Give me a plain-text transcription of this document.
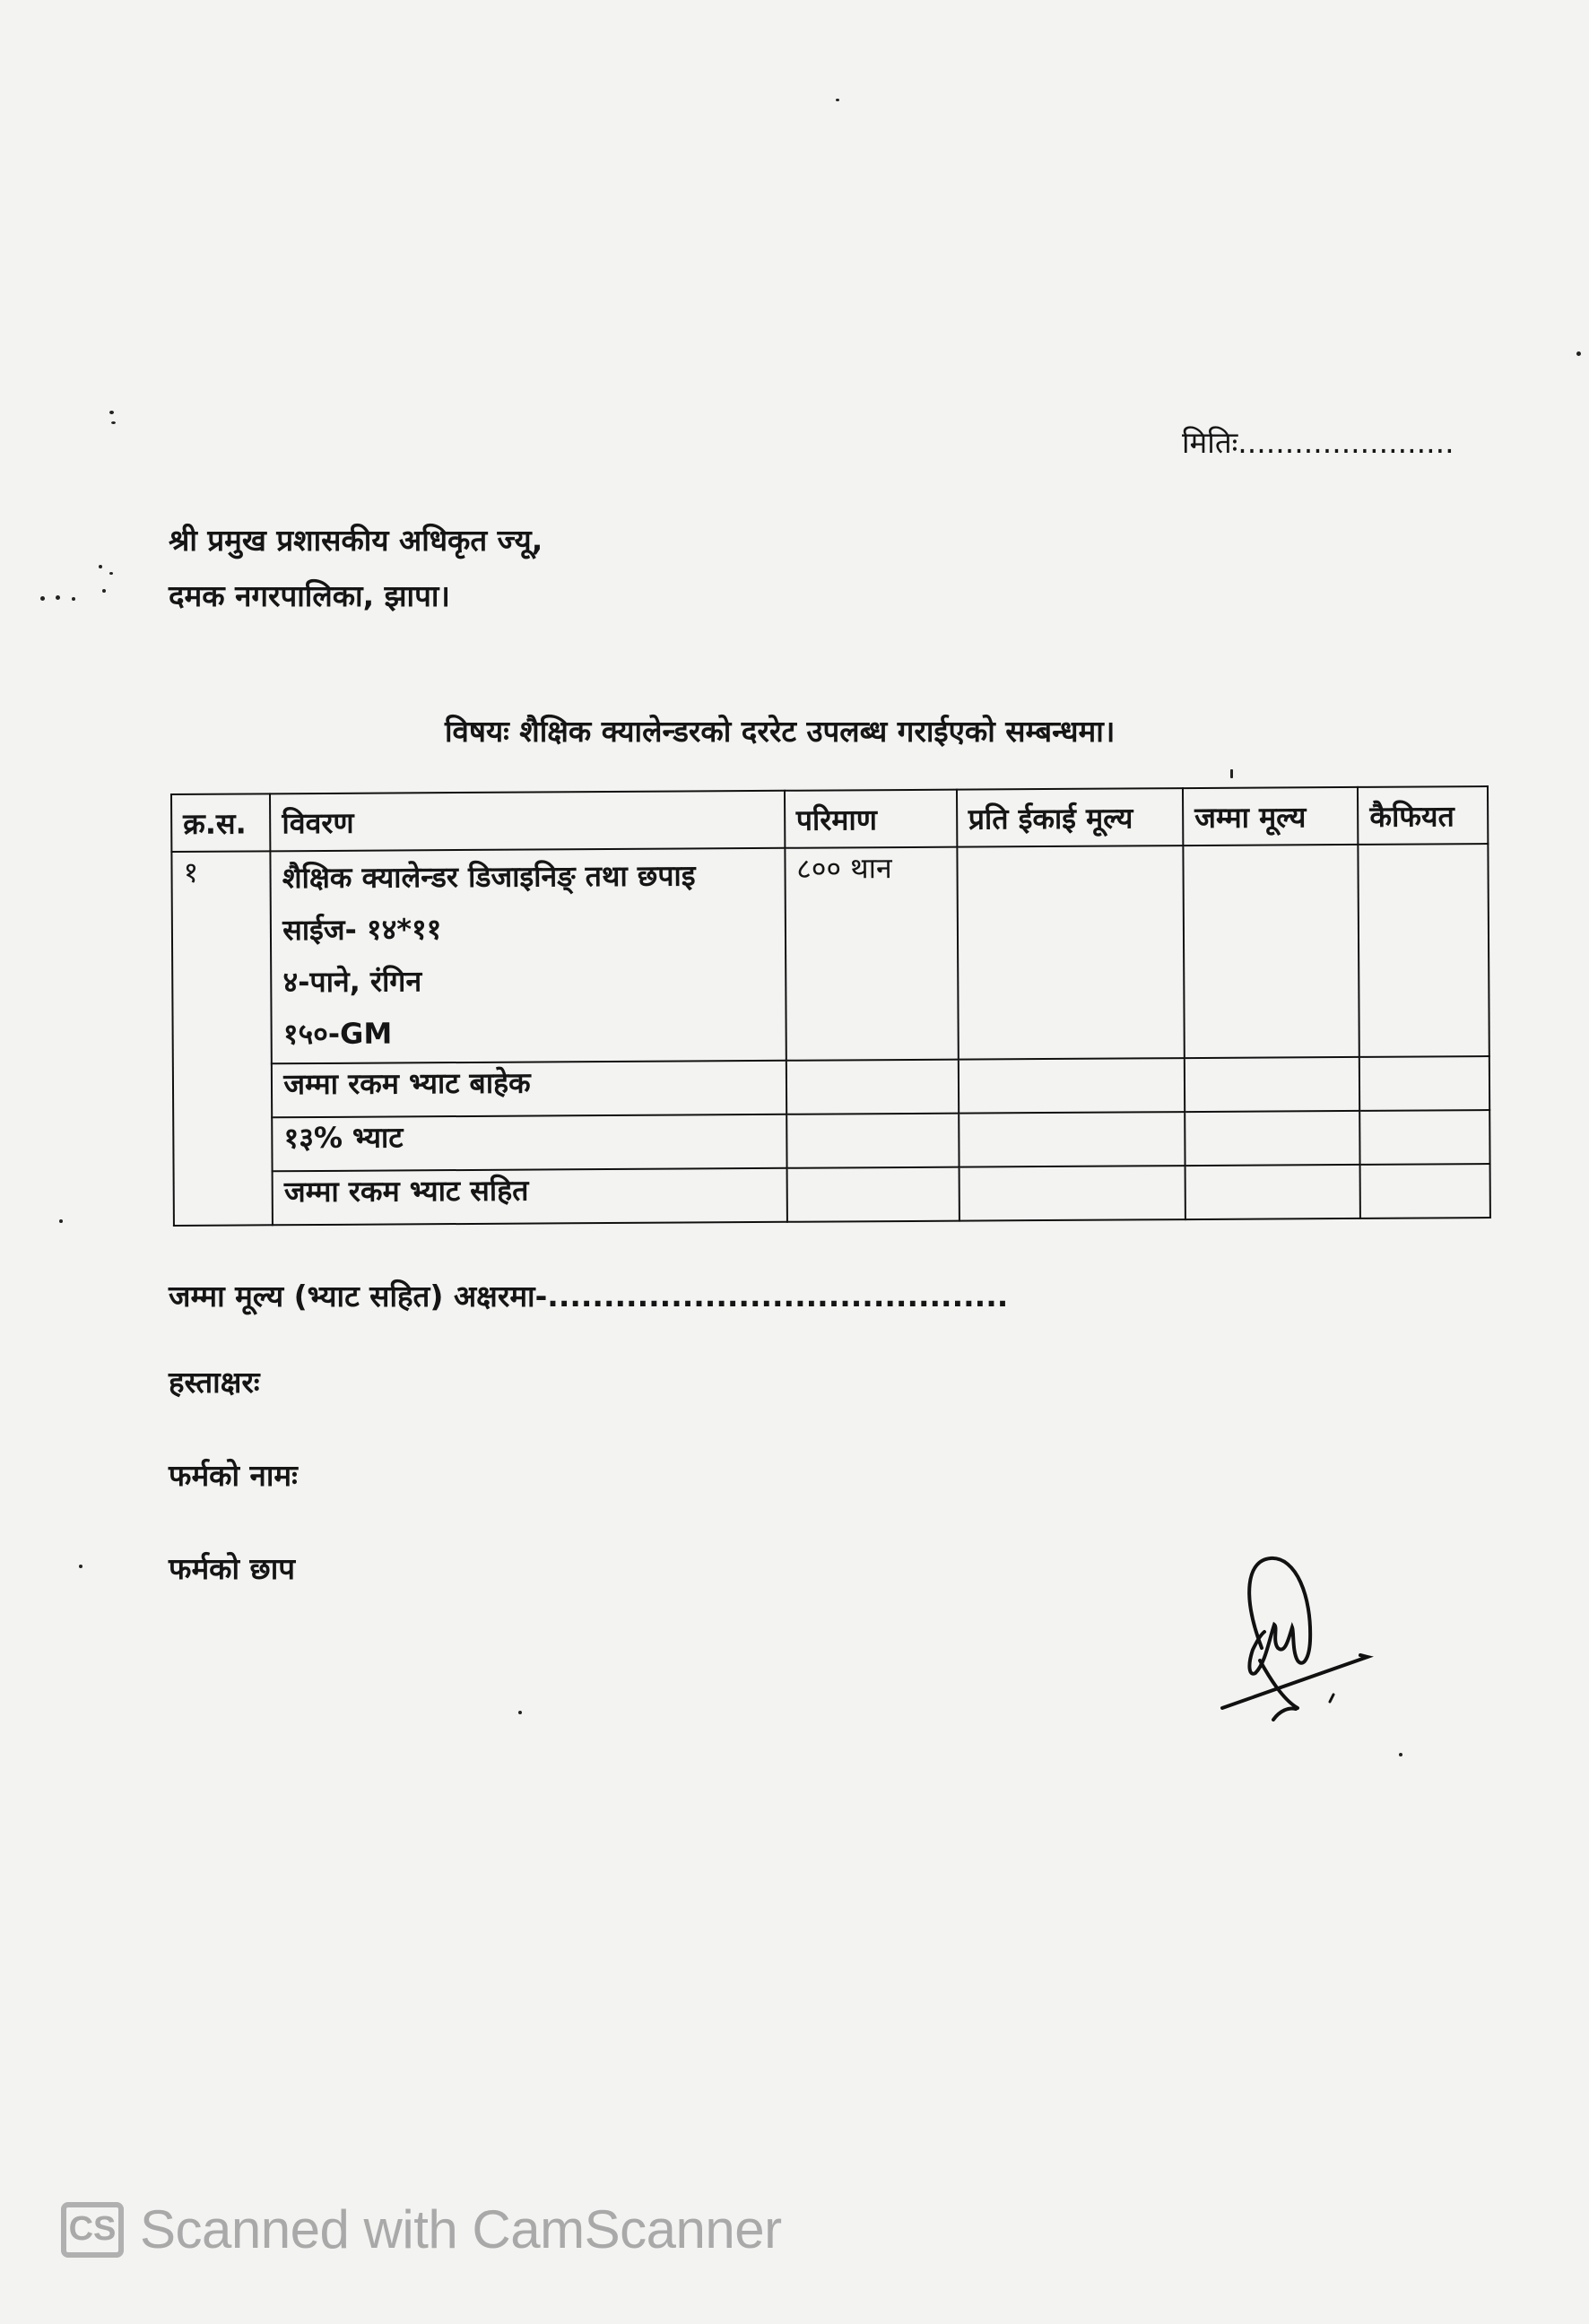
मितिः.......................
श्री प्रमुख प्रशासकीय अधिकृत ज्यू,
दमक नगरपालिका, झापा।
विषयः शैक्षिक क्यालेन्डरको दररेट उपलब्ध गराईएको सम्बन्धमा।
क्र.स.	विवरण	परिमाण	प्रति ईकाई मूल्य	जम्मा मूल्य	कैफियत
१	शैक्षिक क्यालेन्डर डिजाइनिङ् तथा छपाइ
साईज- १४*११
४-पाने, रंगिन
१५०-GM	८०० थान			
	जम्मा रकम भ्याट बाहेक				
	१३% भ्याट				
	जम्मा रकम भ्याट सहित				
जम्मा मूल्य (भ्याट सहित) अक्षरमा-.........................................
हस्ताक्षरः
फर्मको नामः
फर्मको छाप
CS Scanned with CamScanner
